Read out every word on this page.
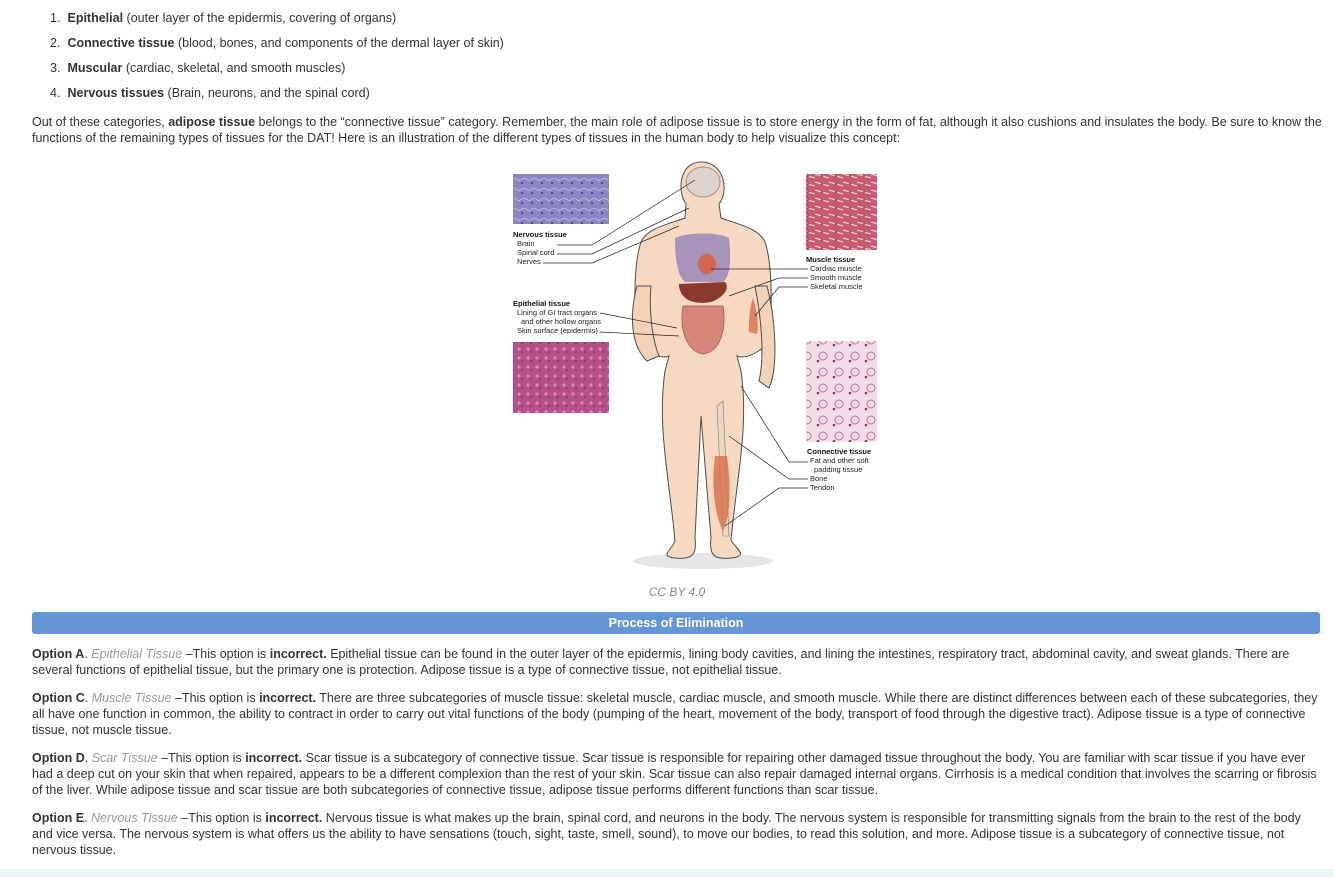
1. Epithelial (outer layer of the epidermis, covering of organs)
2. Connective tissue (blood, bones, and components of the dermal layer of skin)
3. Muscular (cardiac, skeletal, and smooth muscles)
4. Nervous tissues (Brain, neurons, and the spinal cord)

Out of these categories, adipose tissue belongs to the “connective tissue” category. Remember, the main role of adipose tissue is to store energy in the form of fat, although it also cushions and insulates the body. Be sure to know the functions of the remaining types of tissues for the DAT! Here is an illustration of the different types of tissues in the human body to help visualize this concept:

Nervous tissue
Brain
Spinal cord
Nerves
Epithelial tissue
Lining of GI tract organs
and other hollow organs
Skin surface (epidermis)
Muscle tissue
Cardiac muscle
Smooth muscle
Skeletal muscle
Connective tissue
Fat and other soft
padding tissue
Bone
Tendon
CC BY 4.0
Process of Elimination

Option A. Epithelial Tissue –This option is incorrect. Epithelial tissue can be found in the outer layer of the epidermis, lining body cavities, and lining the intestines, respiratory tract, abdominal cavity, and sweat glands. There are several functions of epithelial tissue, but the primary one is protection. Adipose tissue is a type of connective tissue, not epithelial tissue.

Option C. Muscle Tissue –This option is incorrect. There are three subcategories of muscle tissue: skeletal muscle, cardiac muscle, and smooth muscle. While there are distinct differences between each of these subcategories, they all have one function in common, the ability to contract in order to carry out vital functions of the body (pumping of the heart, movement of the body, transport of food through the digestive tract). Adipose tissue is a type of connective tissue, not muscle tissue.

Option D. Scar Tissue –This option is incorrect. Scar tissue is a subcategory of connective tissue. Scar tissue is responsible for repairing other damaged tissue throughout the body. You are familiar with scar tissue if you have ever had a deep cut on your skin that when repaired, appears to be a different complexion than the rest of your skin. Scar tissue can also repair damaged internal organs. Cirrhosis is a medical condition that involves the scarring or fibrosis of the liver. While adipose tissue and scar tissue are both subcategories of connective tissue, adipose tissue performs different functions than scar tissue.

Option E. Nervous Tissue –This option is incorrect. Nervous tissue is what makes up the brain, spinal cord, and neurons in the body. The nervous system is responsible for transmitting signals from the brain to the rest of the body and vice versa. The nervous system is what offers us the ability to have sensations (touch, sight, taste, smell, sound), to move our bodies, to read this solution, and more. Adipose tissue is a subcategory of connective tissue, not nervous tissue.
